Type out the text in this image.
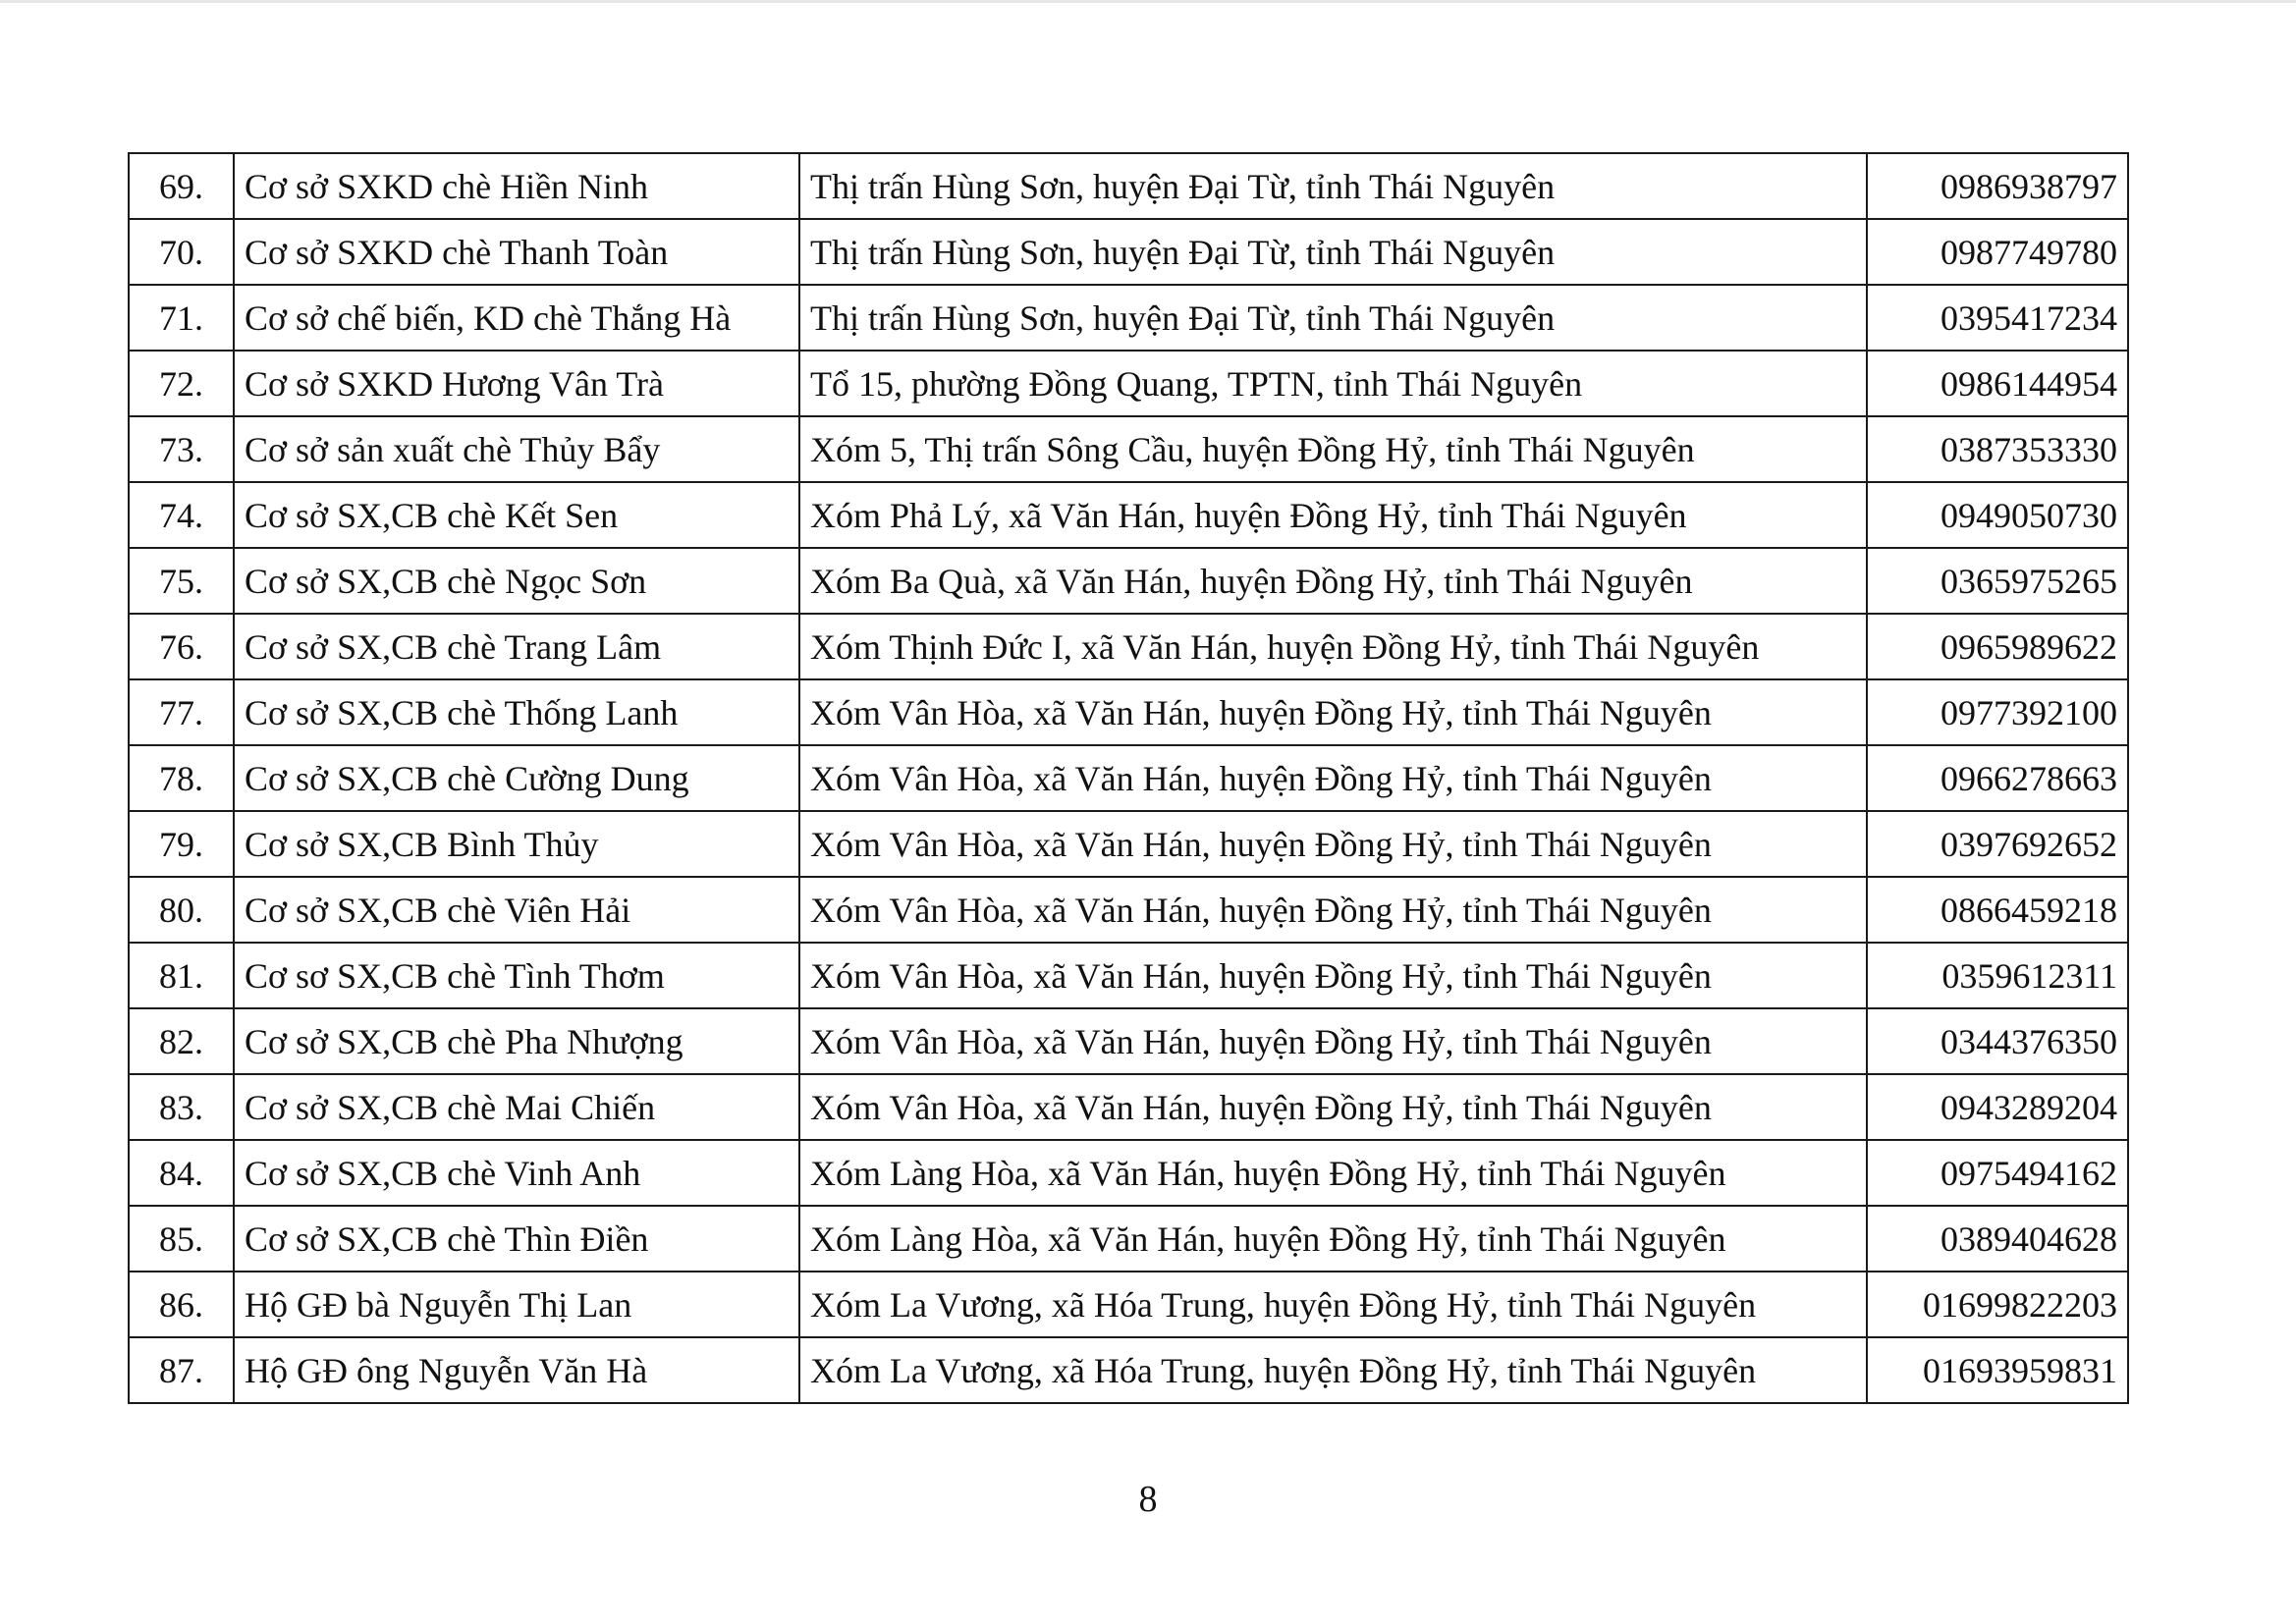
69.	Cơ sở SXKD chè Hiền Ninh	Thị trấn Hùng Sơn, huyện Đại Từ, tỉnh Thái Nguyên	0986938797
70.	Cơ sở SXKD chè Thanh Toàn	Thị trấn Hùng Sơn, huyện Đại Từ, tỉnh Thái Nguyên	0987749780
71.	Cơ sở chế biến, KD chè Thắng Hà	Thị trấn Hùng Sơn, huyện Đại Từ, tỉnh Thái Nguyên	0395417234
72.	Cơ sở SXKD Hương Vân Trà	Tổ 15, phường Đồng Quang, TPTN, tỉnh Thái Nguyên	0986144954
73.	Cơ sở sản xuất chè Thủy Bẩy	Xóm 5, Thị trấn Sông Cầu, huyện Đồng Hỷ, tỉnh Thái Nguyên	0387353330
74.	Cơ sở SX,CB chè Kết Sen	Xóm Phả Lý, xã Văn Hán, huyện Đồng Hỷ, tỉnh Thái Nguyên	0949050730
75.	Cơ sở SX,CB chè Ngọc Sơn	Xóm Ba Quà, xã Văn Hán, huyện Đồng Hỷ, tỉnh Thái Nguyên	0365975265
76.	Cơ sở SX,CB chè Trang Lâm	Xóm Thịnh Đức I, xã Văn Hán, huyện Đồng Hỷ, tỉnh Thái Nguyên	0965989622
77.	Cơ sở SX,CB chè Thống Lanh	Xóm Vân Hòa, xã Văn Hán, huyện Đồng Hỷ, tỉnh Thái Nguyên	0977392100
78.	Cơ sở SX,CB chè Cường Dung	Xóm Vân Hòa, xã Văn Hán, huyện Đồng Hỷ, tỉnh Thái Nguyên	0966278663
79.	Cơ sở SX,CB Bình Thủy	Xóm Vân Hòa, xã Văn Hán, huyện Đồng Hỷ, tỉnh Thái Nguyên	0397692652
80.	Cơ sở SX,CB chè Viên Hải	Xóm Vân Hòa, xã Văn Hán, huyện Đồng Hỷ, tỉnh Thái Nguyên	0866459218
81.	Cơ sơ SX,CB chè Tình Thơm	Xóm Vân Hòa, xã Văn Hán, huyện Đồng Hỷ, tỉnh Thái Nguyên	0359612311
82.	Cơ sở SX,CB chè Pha Nhượng	Xóm Vân Hòa, xã Văn Hán, huyện Đồng Hỷ, tỉnh Thái Nguyên	0344376350
83.	Cơ sở SX,CB chè Mai Chiến	Xóm Vân Hòa, xã Văn Hán, huyện Đồng Hỷ, tỉnh Thái Nguyên	0943289204
84.	Cơ sở SX,CB chè Vinh Anh	Xóm Làng Hòa, xã Văn Hán, huyện Đồng Hỷ, tỉnh Thái Nguyên	0975494162
85.	Cơ sở SX,CB chè Thìn Điền	Xóm Làng Hòa, xã Văn Hán, huyện Đồng Hỷ, tỉnh Thái Nguyên	0389404628
86.	Hộ GĐ bà Nguyễn Thị Lan	Xóm La Vương, xã Hóa Trung, huyện Đồng Hỷ, tỉnh Thái Nguyên	01699822203
87.	Hộ GĐ ông Nguyễn Văn Hà	Xóm La Vương, xã Hóa Trung, huyện Đồng Hỷ, tỉnh Thái Nguyên	01693959831
8
